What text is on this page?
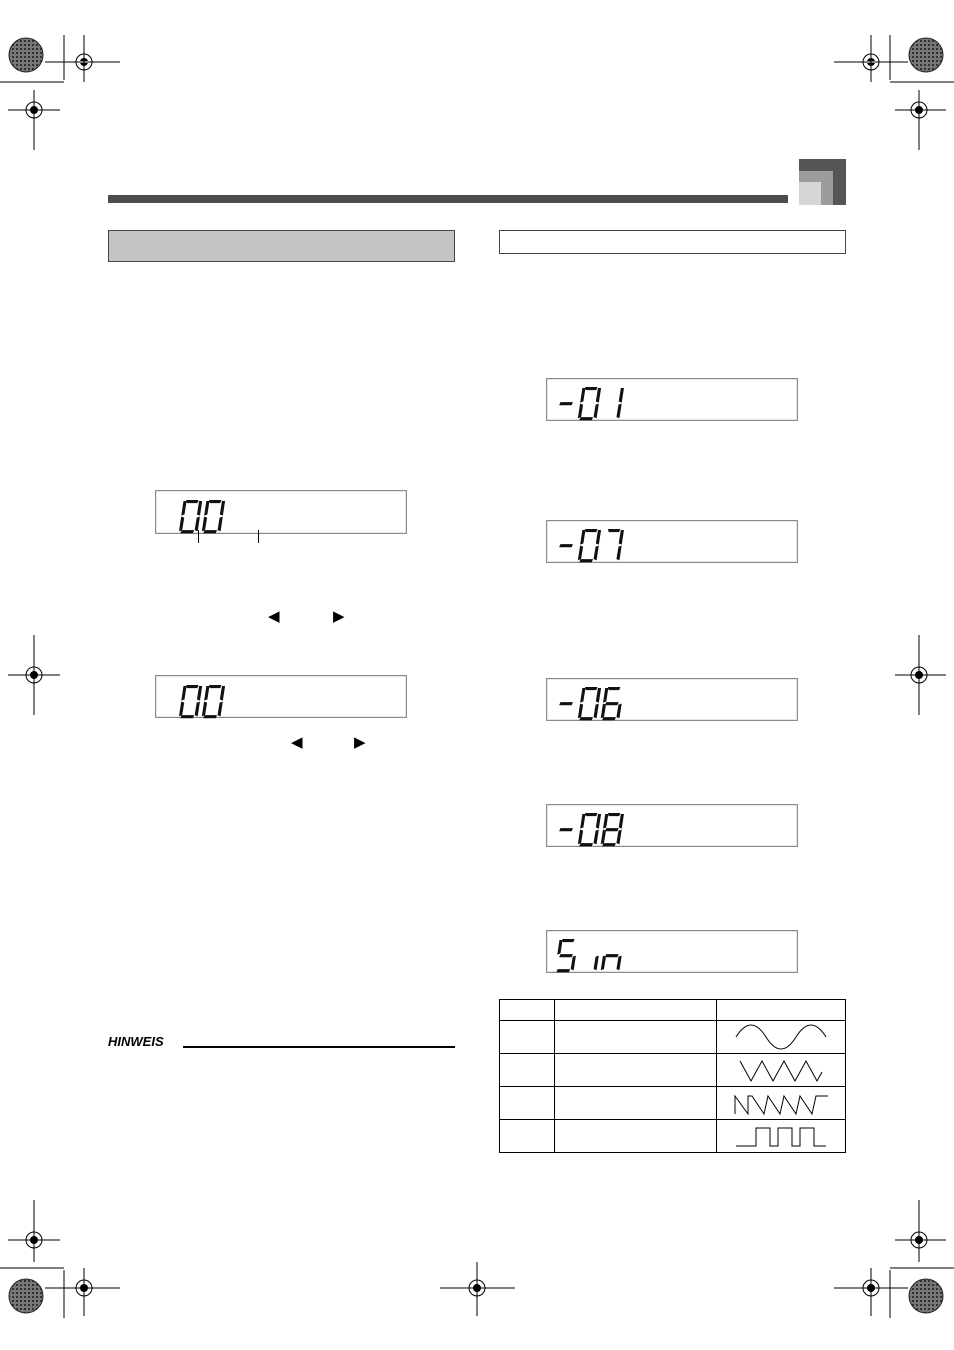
◀	▶
◀	▶
HINWEIS
